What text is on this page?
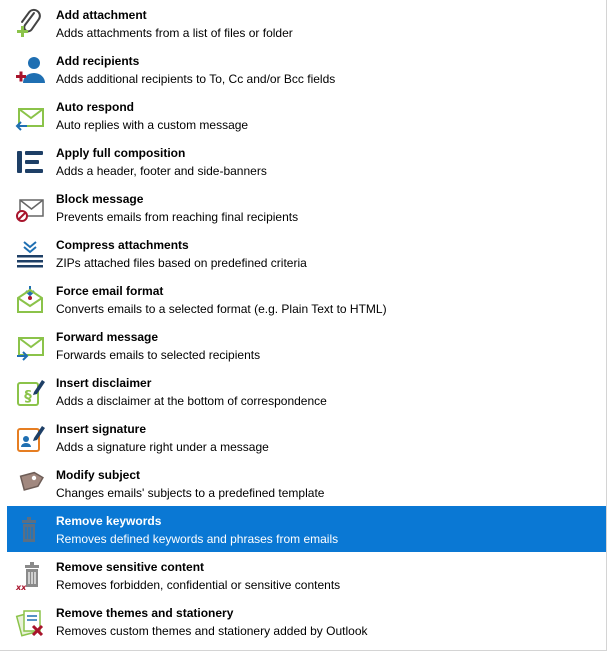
Add attachment
Adds attachments from a list of files or folder
Add recipients
Adds additional recipients to To, Cc and/or Bcc fields
Auto respond
Auto replies with a custom message
Apply full composition
Adds a header, footer and side-banners
Block message
Prevents emails from reaching final recipients
Compress attachments
ZIPs attached files based on predefined criteria
Force email format
Converts emails to a selected format (e.g. Plain Text to HTML)
Forward message
Forwards emails to selected recipients
§
Insert disclaimer
Adds a disclaimer at the bottom of correspondence
Insert signature
Adds a signature right under a message
Modify subject
Changes emails' subjects to a predefined template
Remove keywords
Removes defined keywords and phrases from emails
xx
Remove sensitive content
Removes forbidden, confidential or sensitive contents
Remove themes and stationery
Removes custom themes and stationery added by Outlook
